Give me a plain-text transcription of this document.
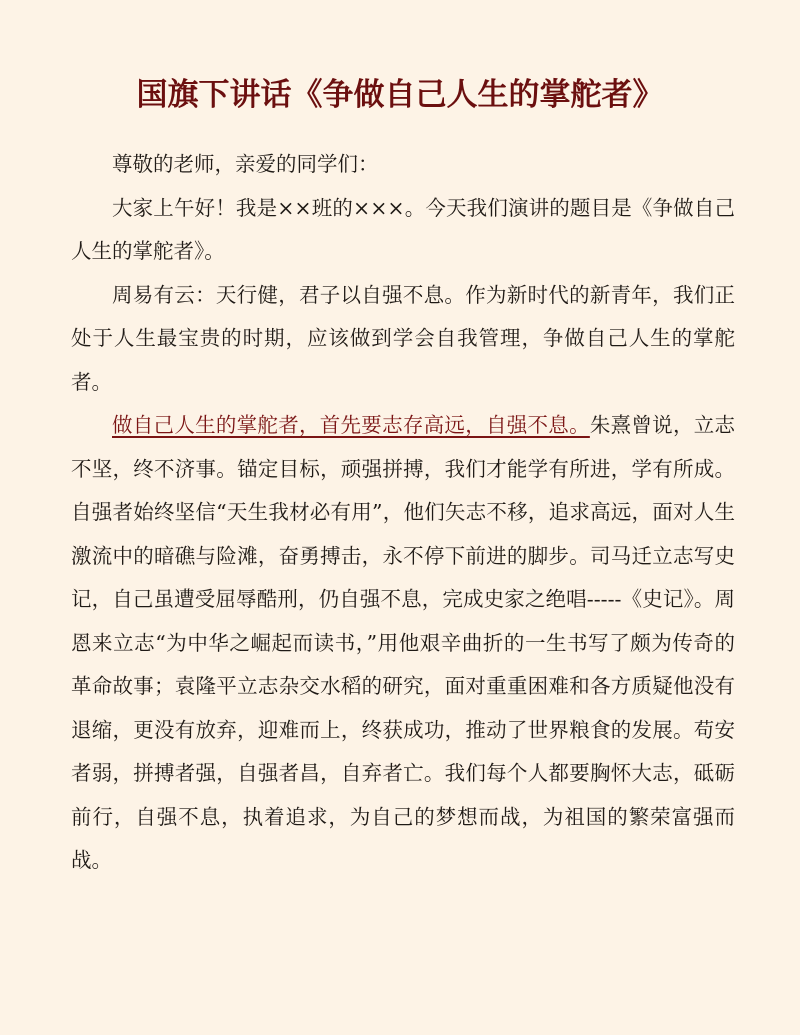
国旗下讲话《争做自己人生的掌舵者》

尊敬的老师，亲爱的同学们：

大家上午好！我是××班的×××。今天我们演讲的题目是《争做自己人生的掌舵者》。

周易有云：天行健，君子以自强不息。作为新时代的新青年，我们正处于人生最宝贵的时期，应该做到学会自我管理，争做自己人生的掌舵者。

做自己人生的掌舵者，首先要志存高远，自强不息。朱熹曾说，立志不坚，终不济事。锚定目标，顽强拼搏，我们才能学有所进，学有所成。自强者始终坚信“天生我材必有用”，他们矢志不移，追求高远，面对人生激流中的暗礁与险滩，奋勇搏击，永不停下前进的脚步。司马迁立志写史记，自己虽遭受屈辱酷刑，仍自强不息，完成史家之绝唱-----《史记》。周恩来立志“为中华之崛起而读书，”用他艰辛曲折的一生书写了颇为传奇的革命故事；袁隆平立志杂交水稻的研究，面对重重困难和各方质疑他没有退缩，更没有放弃，迎难而上，终获成功，推动了世界粮食的发展。苟安者弱，拼搏者强，自强者昌，自弃者亡。我们每个人都要胸怀大志，砥砺前行，自强不息，执着追求，为自己的梦想而战，为祖国的繁荣富强而战。
